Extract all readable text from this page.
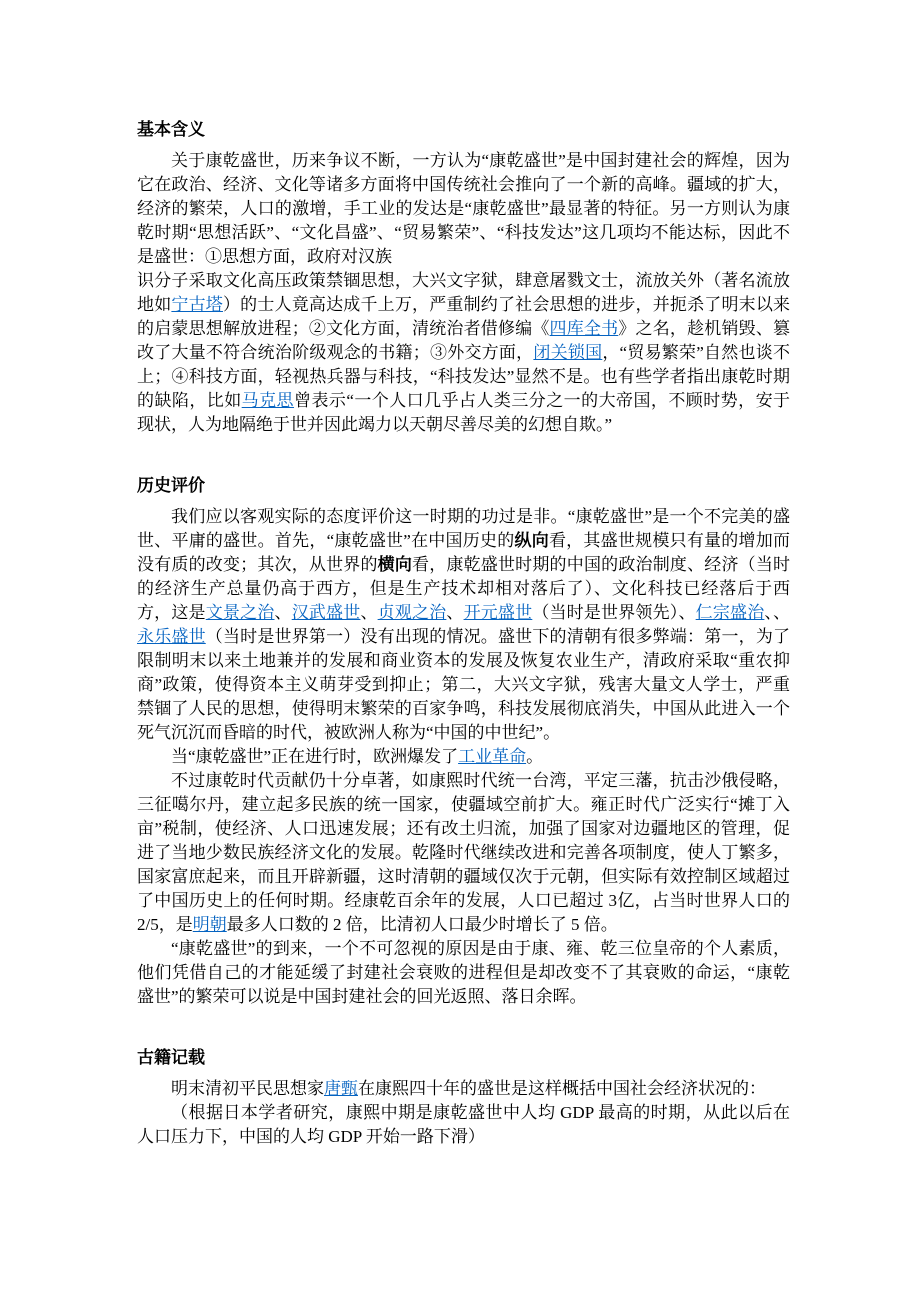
基本含义

关于康乾盛世，历来争议不断，一方认为“康乾盛世”是中国封建社会的辉煌，因为它在政治、经济、文化等诸多方面将中国传统社会推向了一个新的高峰。疆域的扩大，经济的繁荣，人口的激增，手工业的发达是“康乾盛世”最显著的特征。另一方则认为康乾时期“思想活跃”、“文化昌盛”、“贸易繁荣”、“科技发达”这几项均不能达标，因此不是盛世：①思想方面，政府对汉族

识分子采取文化高压政策禁锢思想，大兴文字狱，肆意屠戮文士，流放关外（著名流放地如宁古塔）的士人竟高达成千上万，严重制约了社会思想的进步，并扼杀了明末以来的启蒙思想解放进程；②文化方面，清统治者借修编《四库全书》之名，趁机销毁、篡改了大量不符合统治阶级观念的书籍；③外交方面，闭关锁国，“贸易繁荣”自然也谈不上；④科技方面，轻视热兵器与科技，“科技发达”显然不是。也有些学者指出康乾时期的缺陷，比如马克思曾表示“一个人口几乎占人类三分之一的大帝国，不顾时势，安于现状，人为地隔绝于世并因此竭力以天朝尽善尽美的幻想自欺。”

历史评价

我们应以客观实际的态度评价这一时期的功过是非。“康乾盛世”是一个不完美的盛世、平庸的盛世。首先，“康乾盛世”在中国历史的纵向看，其盛世规模只有量的增加而没有质的改变；其次，从世界的横向看，康乾盛世时期的中国的政治制度、经济（当时的经济生产总量仍高于西方，但是生产技术却相对落后了）、文化科技已经落后于西方，这是文景之治、汉武盛世、贞观之治、开元盛世（当时是世界领先）、仁宗盛治、、永乐盛世（当时是世界第一）没有出现的情况。盛世下的清朝有很多弊端：第一，为了限制明末以来土地兼并的发展和商业资本的发展及恢复农业生产，清政府采取“重农抑商”政策，使得资本主义萌芽受到抑止；第二，大兴文字狱，残害大量文人学士，严重禁锢了人民的思想，使得明末繁荣的百家争鸣，科技发展彻底消失，中国从此进入一个死气沉沉而昏暗的时代，被欧洲人称为“中国的中世纪”。

当“康乾盛世”正在进行时，欧洲爆发了工业革命。

不过康乾时代贡献仍十分卓著，如康熙时代统一台湾，平定三藩，抗击沙俄侵略，三征噶尔丹，建立起多民族的统一国家，使疆域空前扩大。雍正时代广泛实行“摊丁入亩”税制，使经济、人口迅速发展；还有改土归流，加强了国家对边疆地区的管理，促进了当地少数民族经济文化的发展。乾隆时代继续改进和完善各项制度，使人丁繁多，国家富庶起来，而且开辟新疆，这时清朝的疆域仅次于元朝，但实际有效控制区域超过了中国历史上的任何时期。经康乾百余年的发展，人口已超过 3亿，占当时世界人口的2/5，是明朝最多人口数的 2 倍，比清初人口最少时增长了 5 倍。

“康乾盛世”的到来，一个不可忽视的原因是由于康、雍、乾三位皇帝的个人素质，他们凭借自己的才能延缓了封建社会衰败的进程但是却改变不了其衰败的命运，“康乾盛世”的繁荣可以说是中国封建社会的回光返照、落日余晖。

古籍记载

明末清初平民思想家唐甄在康熙四十年的盛世是这样概括中国社会经济状况的：

（根据日本学者研究，康熙中期是康乾盛世中人均 GDP 最高的时期，从此以后在人口压力下，中国的人均 GDP 开始一路下滑）
